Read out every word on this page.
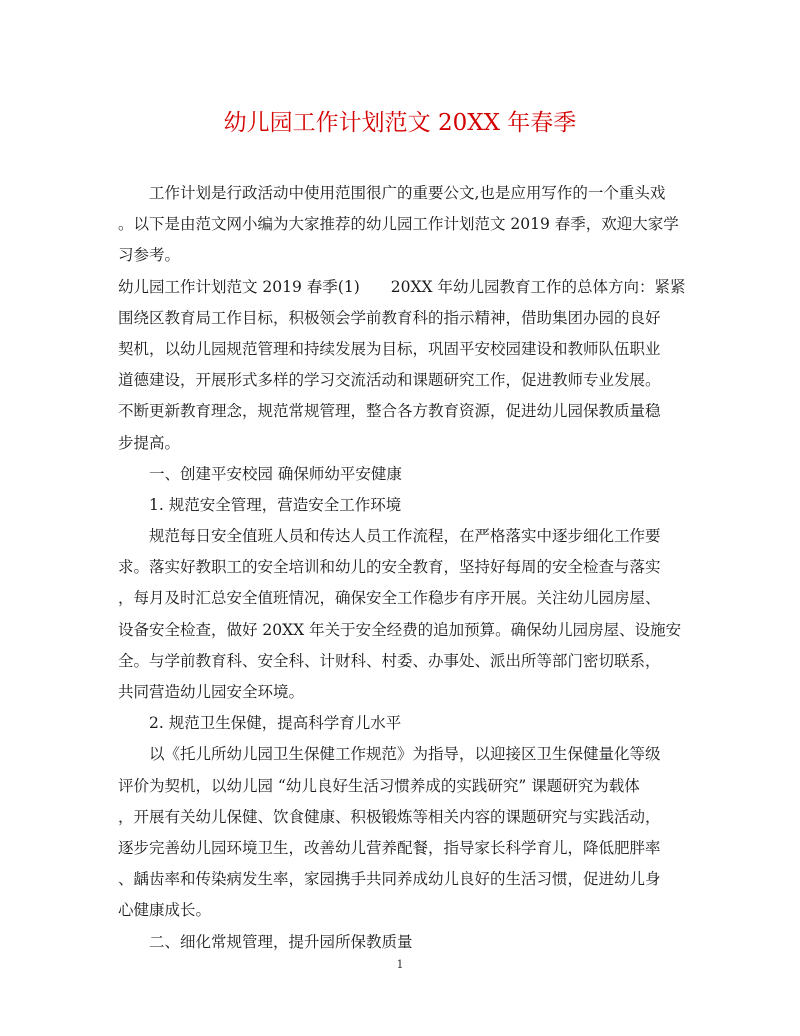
幼儿园工作计划范文 20XX 年春季
工作计划是行政活动中使用范围很广的重要公文,也是应用写作的一个重头戏
。以下是由范文网小编为大家推荐的幼儿园工作计划范文 2019 春季，欢迎大家学
习参考。
幼儿园工作计划范文 2019 春季(1)　　20XX 年幼儿园教育工作的总体方向：紧紧
围绕区教育局工作目标，积极领会学前教育科的指示精神，借助集团办园的良好
契机，以幼儿园规范管理和持续发展为目标，巩固平安校园建设和教师队伍职业
道德建设，开展形式多样的学习交流活动和课题研究工作，促进教师专业发展。
不断更新教育理念，规范常规管理，整合各方教育资源，促进幼儿园保教质量稳
步提高。
一、创建平安校园 确保师幼平安健康
1. 规范安全管理，营造安全工作环境
规范每日安全值班人员和传达人员工作流程，在严格落实中逐步细化工作要
求。落实好教职工的安全培训和幼儿的安全教育，坚持好每周的安全检查与落实
，每月及时汇总安全值班情况，确保安全工作稳步有序开展。关注幼儿园房屋、
设备安全检查，做好 20XX 年关于安全经费的追加预算。确保幼儿园房屋、设施安
全。与学前教育科、安全科、计财科、村委、办事处、派出所等部门密切联系，
共同营造幼儿园安全环境。
2. 规范卫生保健，提高科学育儿水平
以《托儿所幼儿园卫生保健工作规范》为指导，以迎接区卫生保健量化等级
评价为契机，以幼儿园 “幼儿良好生活习惯养成的实践研究” 课题研究为载体
，开展有关幼儿保健、饮食健康、积极锻炼等相关内容的课题研究与实践活动，
逐步完善幼儿园环境卫生，改善幼儿营养配餐，指导家长科学育儿，降低肥胖率
、龋齿率和传染病发生率，家园携手共同养成幼儿良好的生活习惯，促进幼儿身
心健康成长。
二、细化常规管理，提升园所保教质量
1
